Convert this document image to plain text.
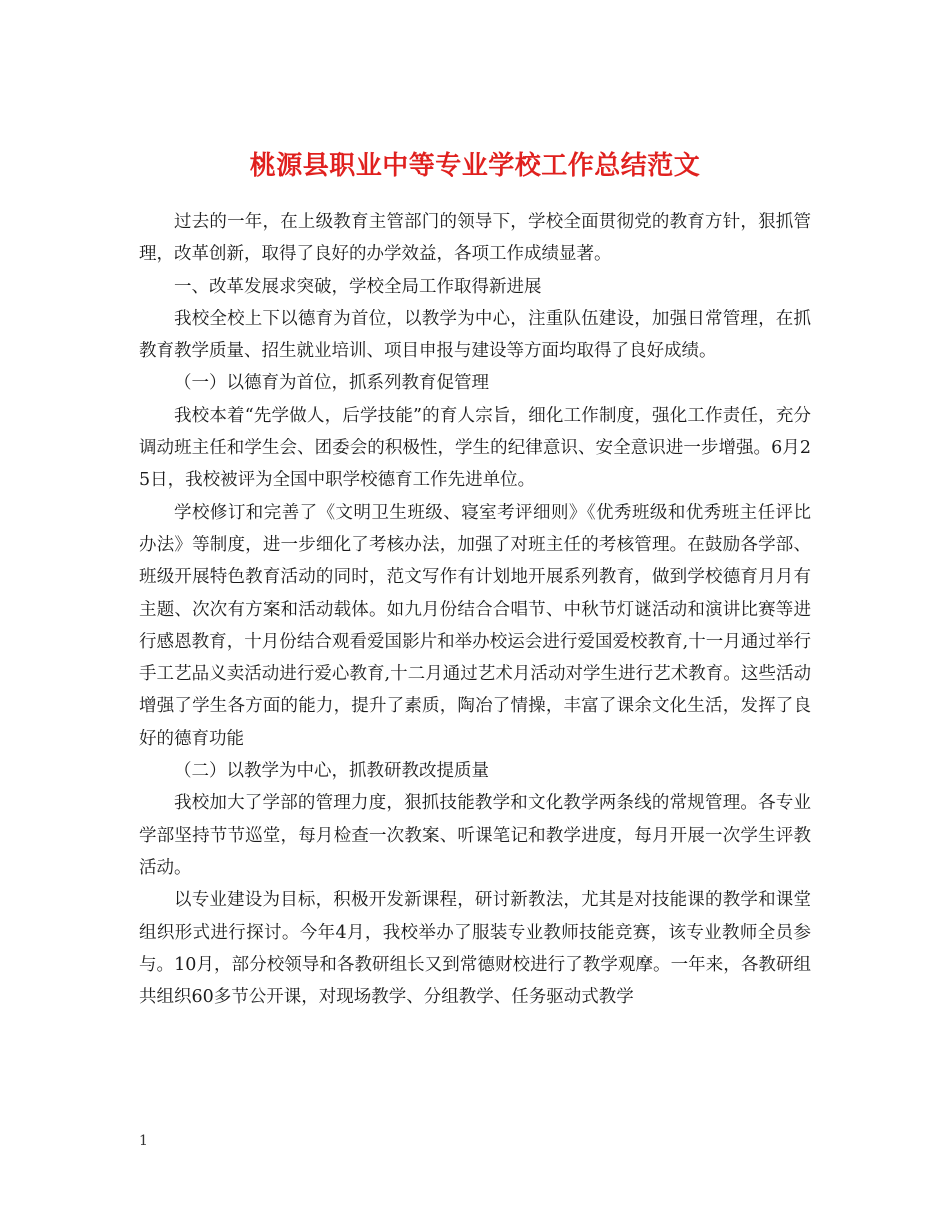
桃源县职业中等专业学校工作总结范文

过去的一年，在上级教育主管部门的领导下，学校全面贯彻党的教育方针，狠抓管理，改革创新，取得了良好的办学效益，各项工作成绩显著。

一、改革发展求突破，学校全局工作取得新进展

我校全校上下以德育为首位，以教学为中心，注重队伍建设，加强日常管理，在抓教育教学质量、招生就业培训、项目申报与建设等方面均取得了良好成绩。

（一）以德育为首位，抓系列教育促管理

我校本着“先学做人，后学技能”的育人宗旨，细化工作制度，强化工作责任，充分调动班主任和学生会、团委会的积极性，学生的纪律意识、安全意识进一步增强。6月25日，我校被评为全国中职学校德育工作先进单位。

学校修订和完善了《文明卫生班级、寝室考评细则》《优秀班级和优秀班主任评比办法》等制度，进一步细化了考核办法，加强了对班主任的考核管理。在鼓励各学部、班级开展特色教育活动的同时，范文写作有计划地开展系列教育，做到学校德育月月有主题、次次有方案和活动载体。如九月份结合合唱节、中秋节灯谜活动和演讲比赛等进行感恩教育，十月份结合观看爱国影片和举办校运会进行爱国爱校教育,十一月通过举行手工艺品义卖活动进行爱心教育,十二月通过艺术月活动对学生进行艺术教育。这些活动增强了学生各方面的能力，提升了素质，陶冶了情操，丰富了课余文化生活，发挥了良好的德育功能

（二）以教学为中心，抓教研教改提质量

我校加大了学部的管理力度，狠抓技能教学和文化教学两条线的常规管理。各专业学部坚持节节巡堂，每月检查一次教案、听课笔记和教学进度，每月开展一次学生评教活动。

以专业建设为目标，积极开发新课程，研讨新教法，尤其是对技能课的教学和课堂组织形式进行探讨。今年4月，我校举办了服装专业教师技能竞赛，该专业教师全员参与。10月，部分校领导和各教研组长又到常德财校进行了教学观摩。一年来，各教研组共组织60多节公开课，对现场教学、分组教学、任务驱动式教学

1
